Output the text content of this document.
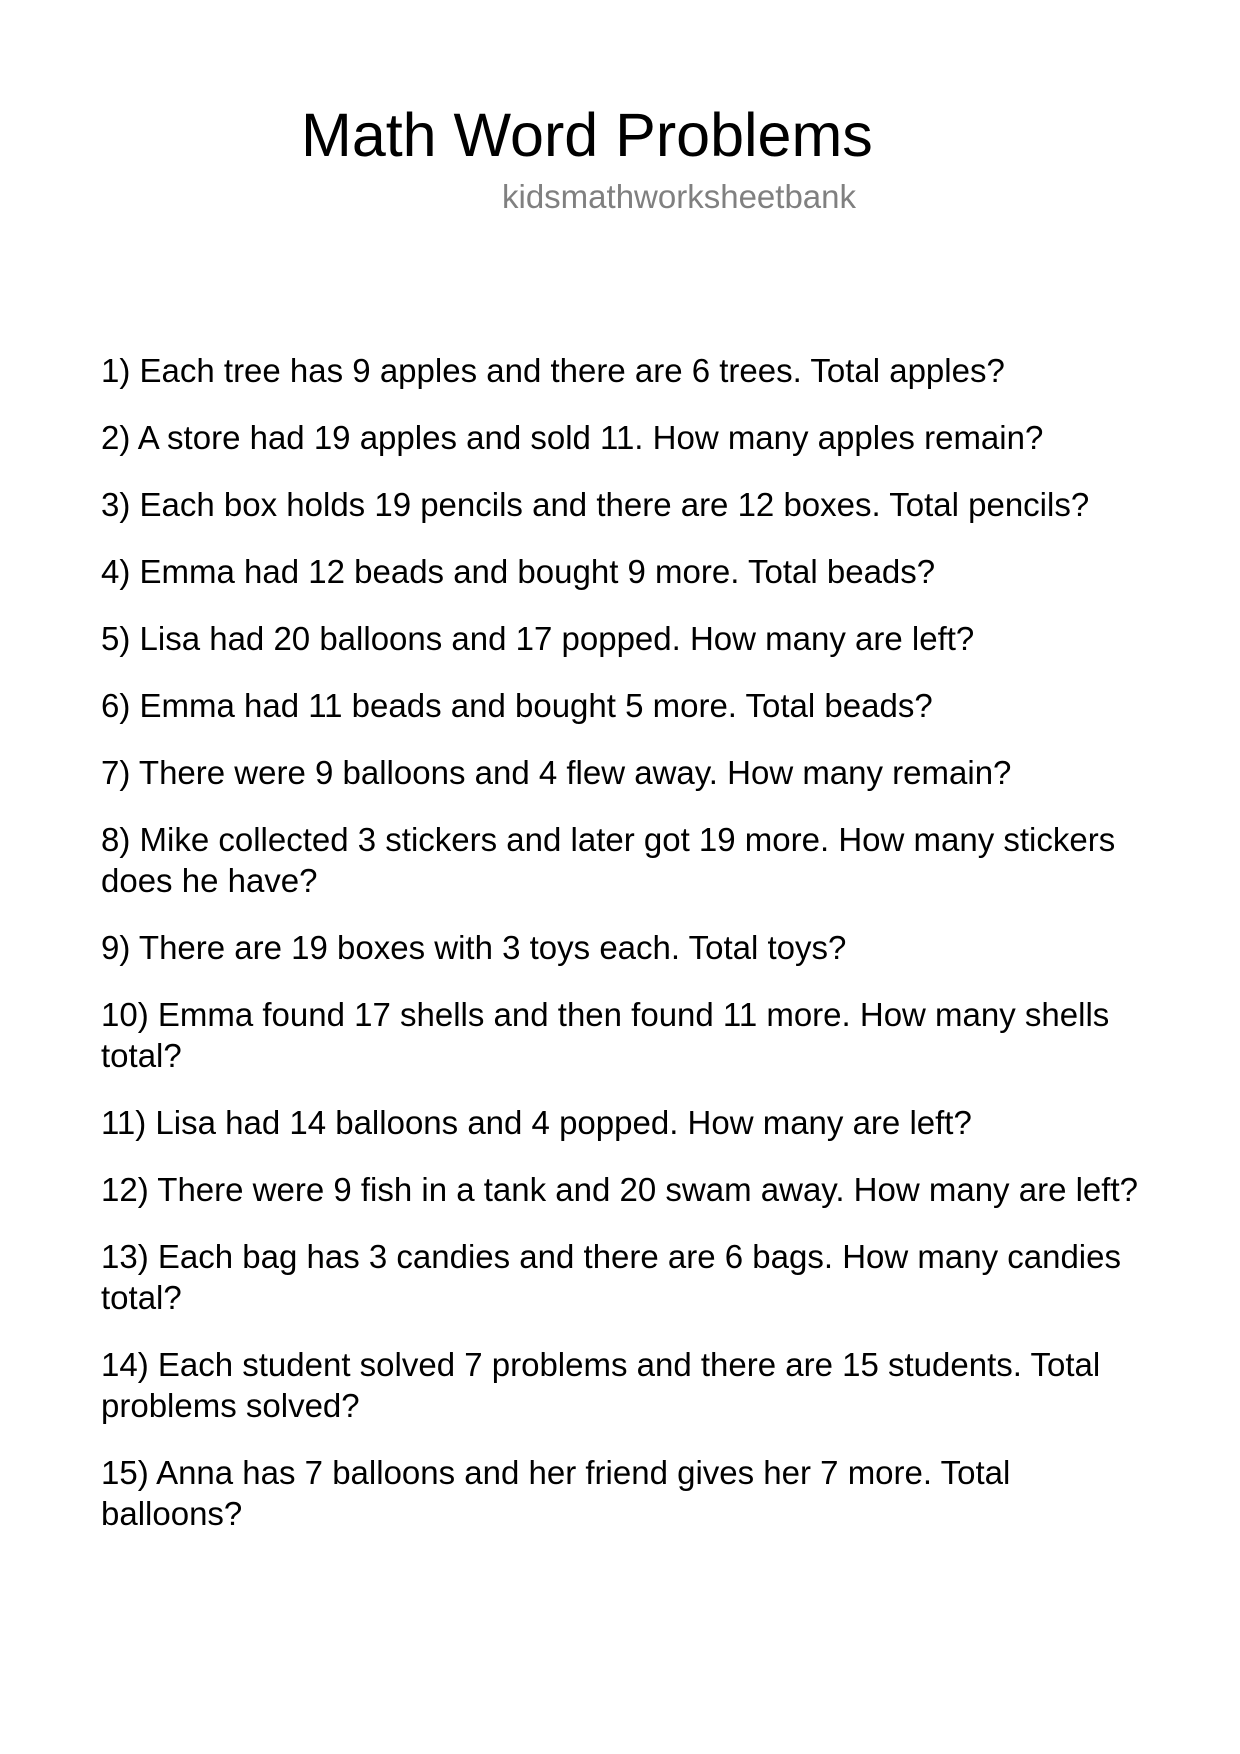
Math Word Problems
kidsmathworksheetbank
1) Each tree has 9 apples and there are 6 trees. Total apples?
2) A store had 19 apples and sold 11. How many apples remain?
3) Each box holds 19 pencils and there are 12 boxes. Total pencils?
4) Emma had 12 beads and bought 9 more. Total beads?
5) Lisa had 20 balloons and 17 popped. How many are left?
6) Emma had 11 beads and bought 5 more. Total beads?
7) There were 9 balloons and 4 flew away. How many remain?
8) Mike collected 3 stickers and later got 19 more. How many stickers does he have?
9) There are 19 boxes with 3 toys each. Total toys?
10) Emma found 17 shells and then found 11 more. How many shells total?
11) Lisa had 14 balloons and 4 popped. How many are left?
12) There were 9 fish in a tank and 20 swam away. How many are left?
13) Each bag has 3 candies and there are 6 bags. How many candies total?
14) Each student solved 7 problems and there are 15 students. Total problems solved?
15) Anna has 7 balloons and her friend gives her 7 more. Total balloons?
